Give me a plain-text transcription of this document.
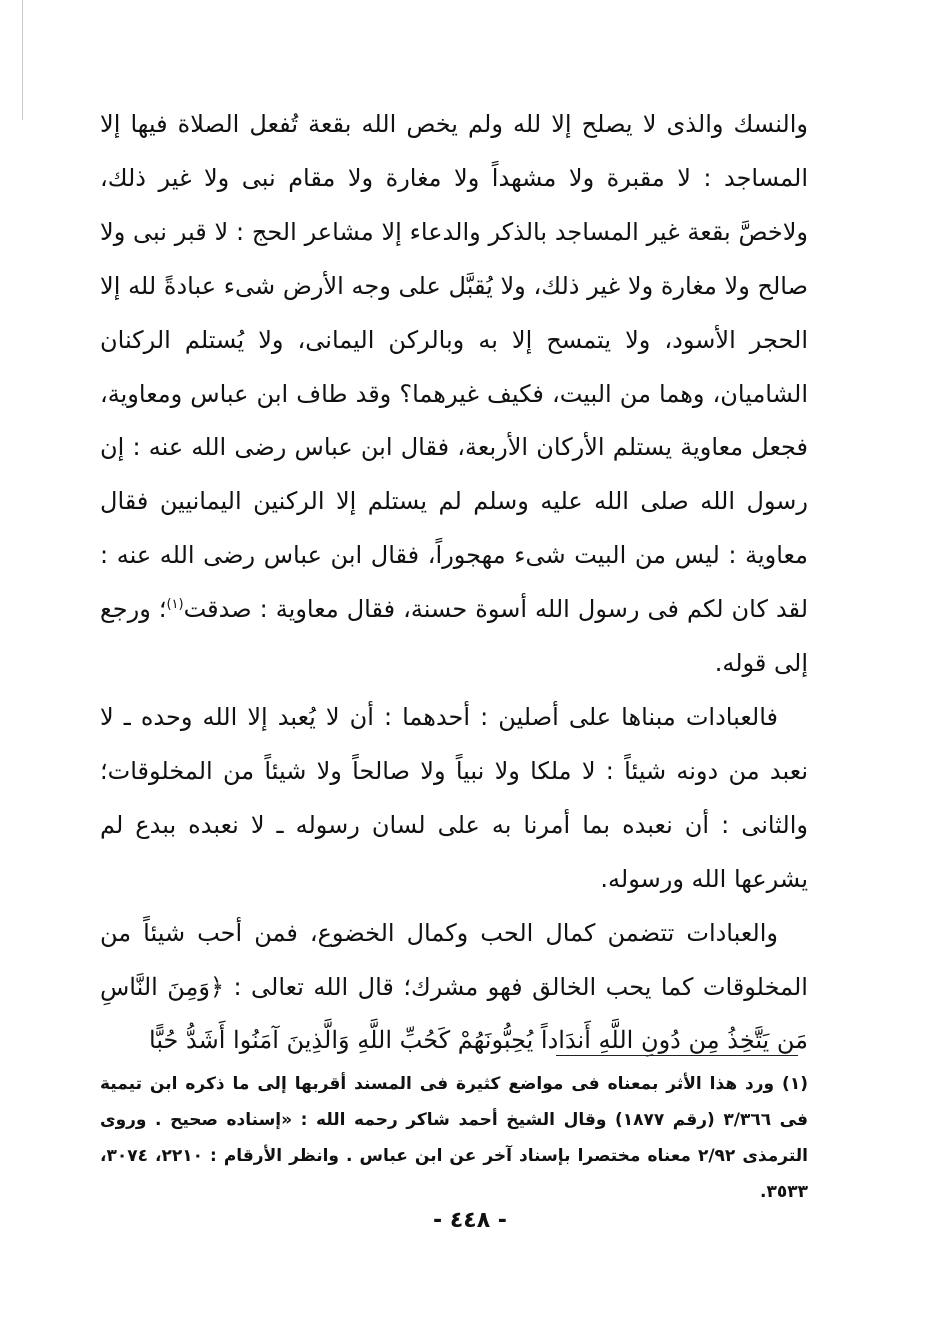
والنسك والذى لا يصلح إلا لله ولم يخص الله بقعة تُفعل الصلاة فيها إلا المساجد : لا مقبرة ولا مشهداً ولا مغارة ولا مقام نبى ولا غير ذلك، ولاخصَّ بقعة غير المساجد بالذكر والدعاء إلا مشاعر الحج : لا قبر نبى ولا صالح ولا مغارة ولا غير ذلك، ولا يُقبَّل على وجه الأرض شىء عبادةً لله إلا الحجر الأسود، ولا يتمسح إلا به وبالركن اليمانى، ولا يُستلم الركنان الشاميان، وهما من البيت، فكيف غيرهما؟ وقد طاف ابن عباس ومعاوية، فجعل معاوية يستلم الأركان الأربعة، فقال ابن عباس رضى الله عنه : إن رسول الله صلى الله عليه وسلم لم يستلم إلا الركنين اليمانيين فقال معاوية : ليس من البيت شىء مهجوراً، فقال ابن عباس رضى الله عنه : لقد كان لكم فى رسول الله أسوة حسنة، فقال معاوية : صدقت$^{(١)}$؛ ورجع إلى قوله.

فالعبادات مبناها على أصلين : أحدهما : أن لا يُعبد إلا الله وحده ـ لا نعبد من دونه شيئاً : لا ملكا ولا نبياً ولا صالحاً ولا شيئاً من المخلوقات؛ والثانى : أن نعبده بما أمرنا به على لسان رسوله ـ لا نعبده ببدع لم يشرعها الله ورسوله.

والعبادات تتضمن كمال الحب وكمال الخضوع، فمن أحب شيئاً من المخلوقات كما يحب الخالق فهو مشرك؛ قال الله تعالى : ﴿وَمِنَ النَّاسِ مَن يَتَّخِذُ مِن دُونِ اللَّهِ أَندَاداً يُحِبُّونَهُمْ كَحُبِّ اللَّهِ وَالَّذِينَ آمَنُوا أَشَدُّ حُبًّا

(١) ورد هذا الأثر بمعناه فى مواضع كثيرة فى المسند أقربها إلى ما ذكره ابن تيمية فى ٣/٣٦٦ (رقم ١٨٧٧) وقال الشيخ أحمد شاكر رحمه الله : «إسناده صحيح . وروى الترمذى ٢/٩٢ معناه مختصرا بإسناد آخر عن ابن عباس . وانظر الأرقام : ٢٢١٠، ٣٠٧٤، ٣٥٣٣.

- ٤٤٨ -
